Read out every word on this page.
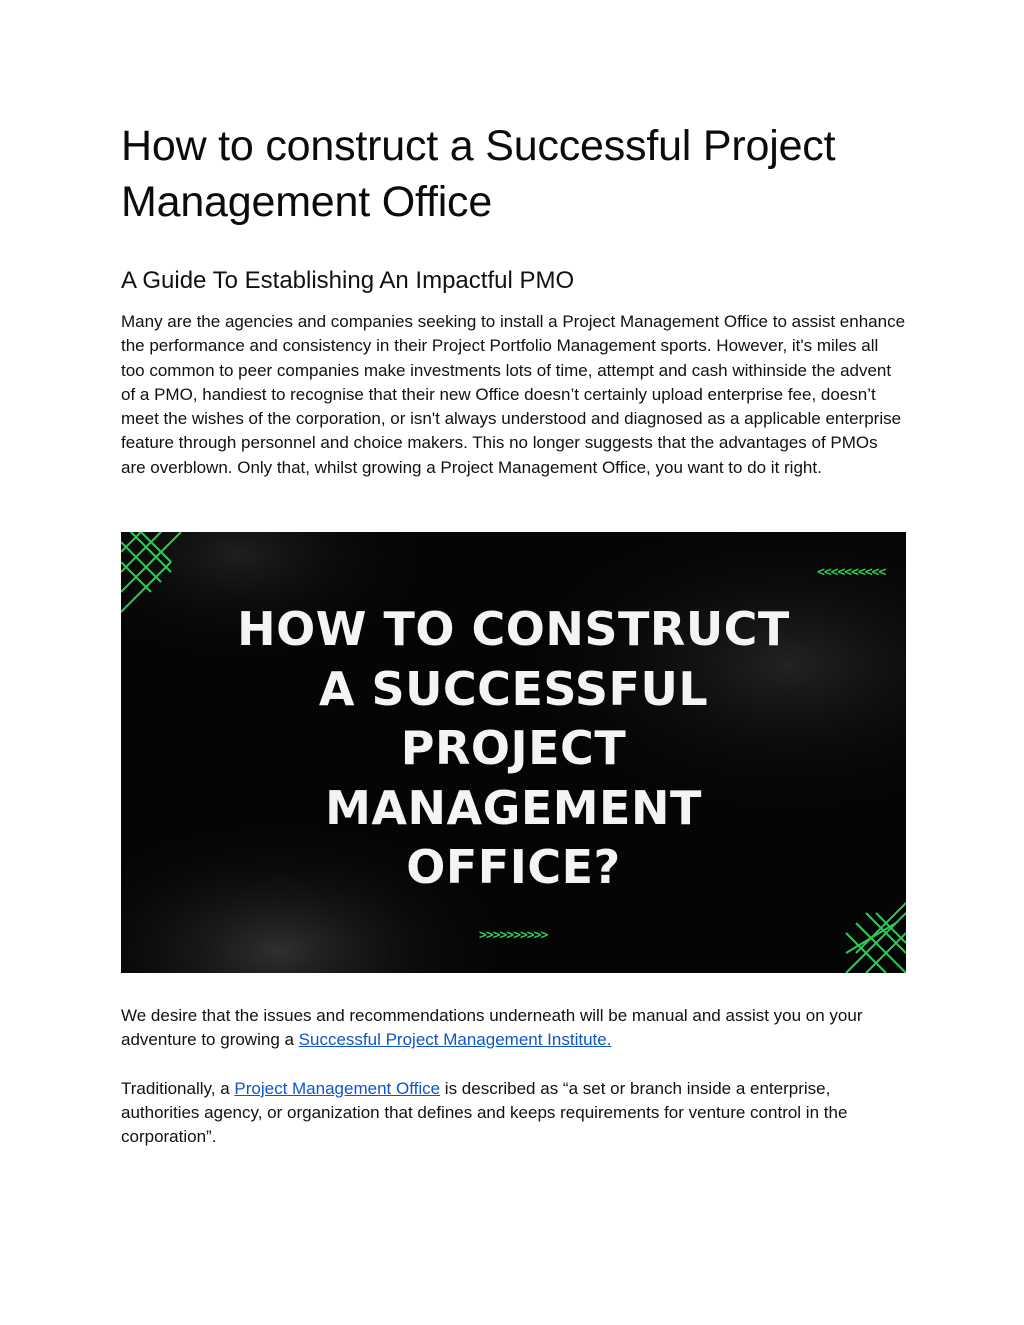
How to construct a Successful Project
Management Office
A Guide To Establishing An Impactful PMO

Many are the agencies and companies seeking to install a Project Management Office to assist enhance the performance and consistency in their Project Portfolio Management sports. However, it's miles all too common to peer companies make investments lots of time, attempt and cash withinside the advent of a PMO, handiest to recognise that their new Office doesn’t certainly upload enterprise fee, doesn’t meet the wishes of the corporation, or isn't always understood and diagnosed as a applicable enterprise feature through personnel and choice makers. This no longer suggests that the advantages of PMOs are overblown. Only that, whilst growing a Project Management Office, you want to do it right.

<<<<<<<<<<
HOW TO CONSTRUCT
A SUCCESSFUL
PROJECT
MANAGEMENT
OFFICE?
>>>>>>>>>>

We desire that the issues and recommendations underneath will be manual and assist you on your adventure to growing a Successful Project Management Institute.

Traditionally, a Project Management Office is described as “a set or branch inside a enterprise, authorities agency, or organization that defines and keeps requirements for venture control in the corporation”.
